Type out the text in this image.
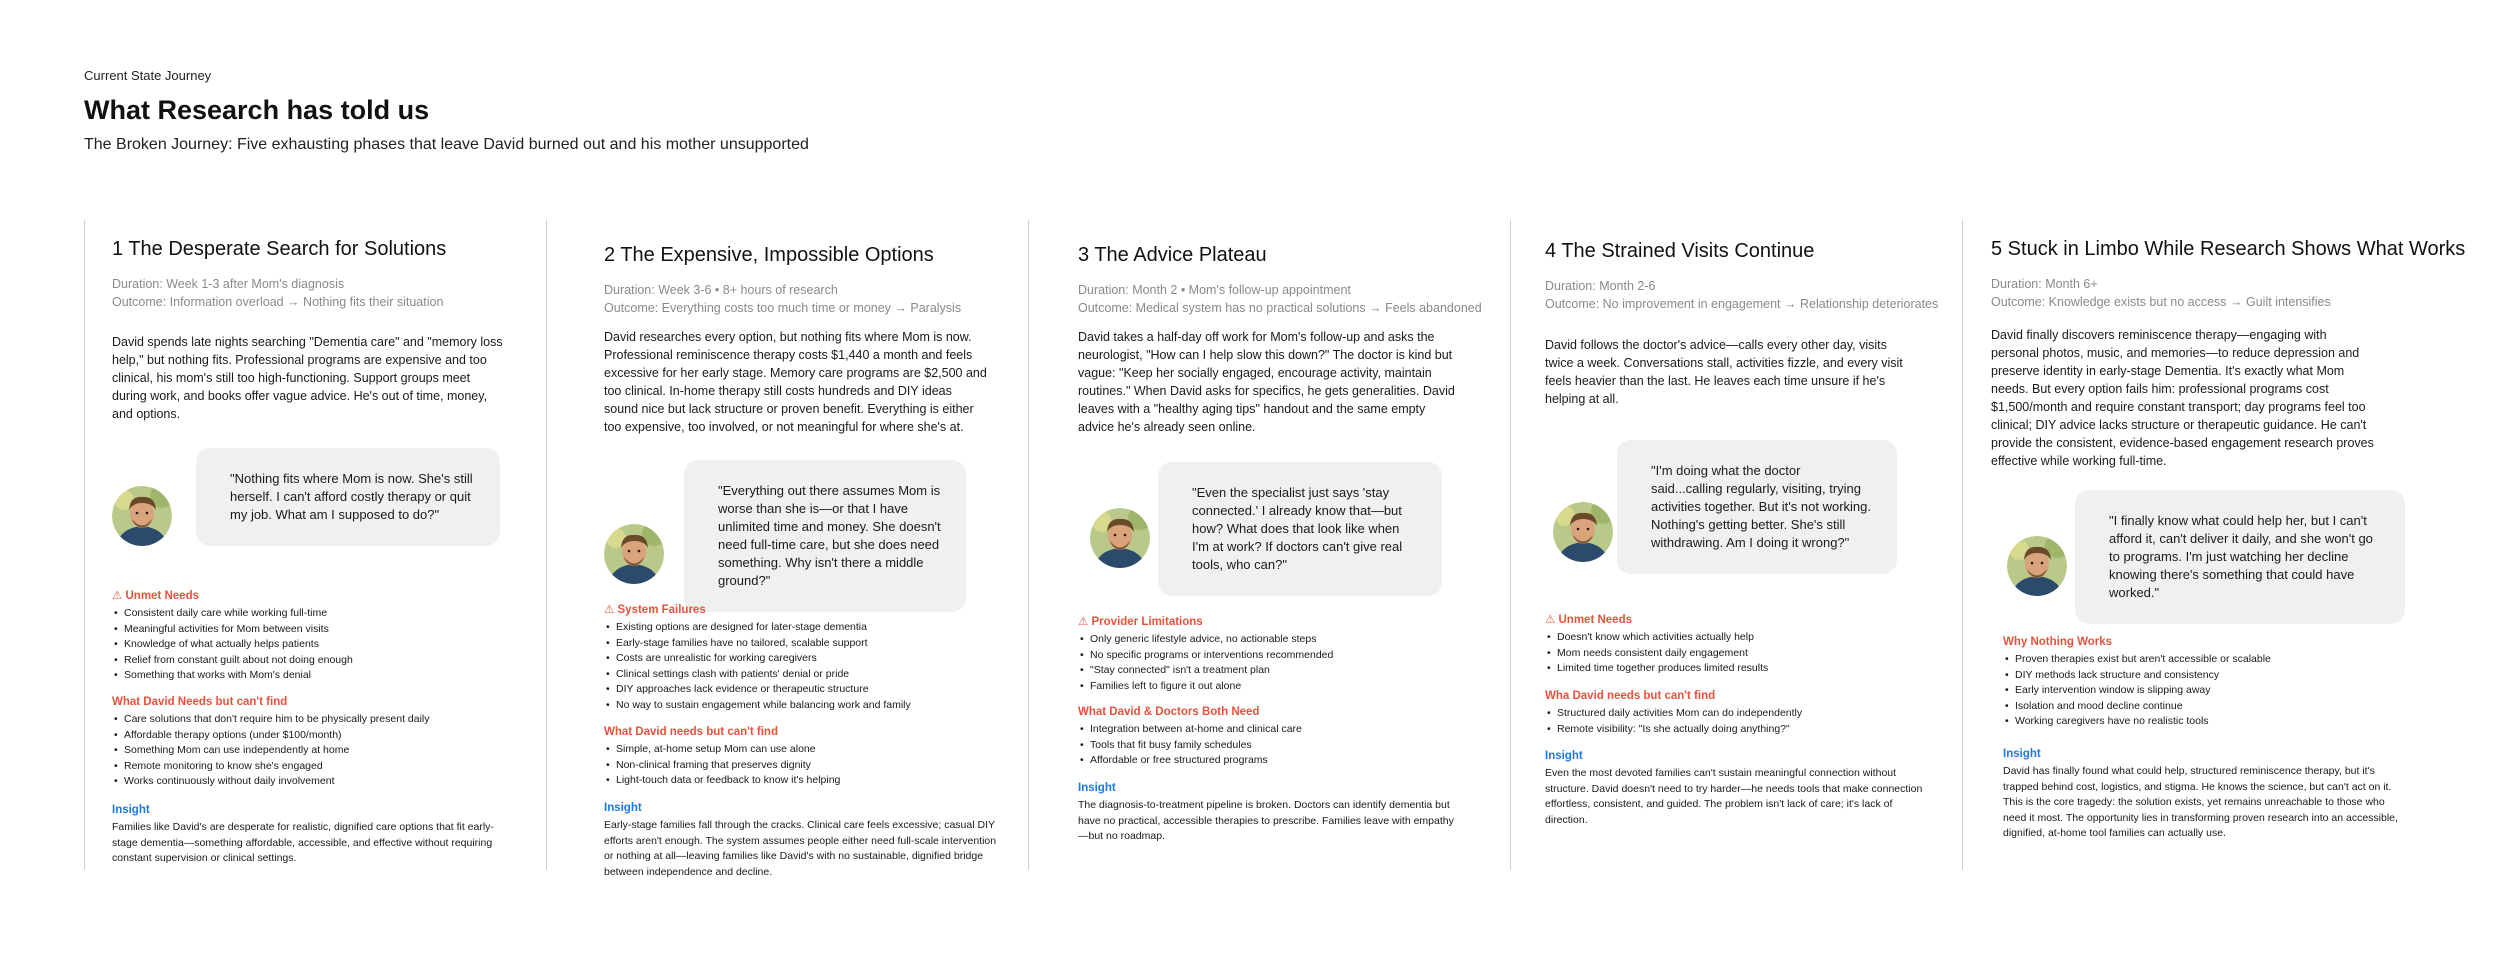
Current State Journey
What Research has told us
The Broken Journey: Five exhausting phases that leave David burned out and his mother unsupported
1 The Desperate Search for Solutions
Duration: Week 1-3 after Mom's diagnosis
Outcome: Information overload → Nothing fits their situation

David spends late nights searching "Dementia care" and "memory loss help," but nothing fits. Professional programs are expensive and too clinical, his mom's still too high-functioning. Support groups meet during work, and books offer vague advice. He's out of time, money, and options.

"Nothing fits where Mom is now. She's still herself. I can't afford costly therapy or quit my job. What am I supposed to do?"
⚠ Unmet Needs
• Consistent daily care while working full-time
• Meaningful activities for Mom between visits
• Knowledge of what actually helps patients
• Relief from constant guilt about not doing enough
• Something that works with Mom's denial
What David Needs but can't find
• Care solutions that don't require him to be physically present daily
• Affordable therapy options (under $100/month)
• Something Mom can use independently at home
• Remote monitoring to know she's engaged
• Works continuously without daily involvement
Insight

Families like David's are desperate for realistic, dignified care options that fit early-stage dementia—something affordable, accessible, and effective without requiring constant supervision or clinical settings.

2 The Expensive, Impossible Options
Duration: Week 3-6 • 8+ hours of research
Outcome: Everything costs too much time or money → Paralysis

David researches every option, but nothing fits where Mom is now. Professional reminiscence therapy costs $1,440 a month and feels excessive for her early stage. Memory care programs are $2,500 and too clinical. In-home therapy still costs hundreds and DIY ideas sound nice but lack structure or proven benefit. Everything is either too expensive, too involved, or not meaningful for where she's at.

"Everything out there assumes Mom is worse than she is—or that I have unlimited time and money. She doesn't need full-time care, but she does need something. Why isn't there a middle ground?"
⚠ System Failures
• Existing options are designed for later-stage dementia
• Early-stage families have no tailored, scalable support
• Costs are unrealistic for working caregivers
• Clinical settings clash with patients' denial or pride
• DIY approaches lack evidence or therapeutic structure
• No way to sustain engagement while balancing work and family
What David needs but can't find
• Simple, at-home setup Mom can use alone
• Non-clinical framing that preserves dignity
• Light-touch data or feedback to know it's helping
Insight

Early-stage families fall through the cracks. Clinical care feels excessive; casual DIY efforts aren't enough. The system assumes people either need full-scale intervention or nothing at all—leaving families like David's with no sustainable, dignified bridge between independence and decline.

3 The Advice Plateau
Duration: Month 2 • Mom's follow-up appointment
Outcome: Medical system has no practical solutions → Feels abandoned

David takes a half-day off work for Mom's follow-up and asks the neurologist, "How can I help slow this down?" The doctor is kind but vague: "Keep her socially engaged, encourage activity, maintain routines." When David asks for specifics, he gets generalities. David leaves with a "healthy aging tips" handout and the same empty advice he's already seen online.

"Even the specialist just says 'stay connected.' I already know that—but how? What does that look like when I'm at work? If doctors can't give real tools, who can?"
⚠ Provider Limitations
• Only generic lifestyle advice, no actionable steps
• No specific programs or interventions recommended
• "Stay connected" isn't a treatment plan
• Families left to figure it out alone
What David & Doctors Both Need
• Integration between at-home and clinical care
• Tools that fit busy family schedules
• Affordable or free structured programs
Insight

The diagnosis-to-treatment pipeline is broken. Doctors can identify dementia but have no practical, accessible therapies to prescribe. Families leave with empathy—but no roadmap.

4 The Strained Visits Continue
Duration: Month 2-6
Outcome: No improvement in engagement → Relationship deteriorates

David follows the doctor's advice—calls every other day, visits twice a week. Conversations stall, activities fizzle, and every visit feels heavier than the last. He leaves each time unsure if he's helping at all.

"I'm doing what the doctor said...calling regularly, visiting, trying activities together. But it's not working. Nothing's getting better. She's still withdrawing. Am I doing it wrong?"
⚠ Unmet Needs
• Doesn't know which activities actually help
• Mom needs consistent daily engagement
• Limited time together produces limited results
Wha David needs but can't find
• Structured daily activities Mom can do independently
• Remote visibility: "Is she actually doing anything?"
Insight

Even the most devoted families can't sustain meaningful connection without structure. David doesn't need to try harder—he needs tools that make connection effortless, consistent, and guided. The problem isn't lack of care; it's lack of direction.

5 Stuck in Limbo While Research Shows What Works
Duration: Month 6+
Outcome: Knowledge exists but no access → Guilt intensifies

David finally discovers reminiscence therapy—engaging with personal photos, music, and memories—to reduce depression and preserve identity in early-stage Dementia. It's exactly what Mom needs. But every option fails him: professional programs cost $1,500/month and require constant transport; day programs feel too clinical; DIY advice lacks structure or therapeutic guidance. He can't provide the consistent, evidence-based engagement research proves effective while working full-time.

"I finally know what could help her, but I can't afford it, can't deliver it daily, and she won't go to programs. I'm just watching her decline knowing there's something that could have worked."
Why Nothing Works
• Proven therapies exist but aren't accessible or scalable
• DIY methods lack structure and consistency
• Early intervention window is slipping away
• Isolation and mood decline continue
• Working caregivers have no realistic tools
Insight

David has finally found what could help, structured reminiscence therapy, but it's trapped behind cost, logistics, and stigma. He knows the science, but can't act on it. This is the core tragedy: the solution exists, yet remains unreachable to those who need it most. The opportunity lies in transforming proven research into an accessible, dignified, at-home tool families can actually use.
